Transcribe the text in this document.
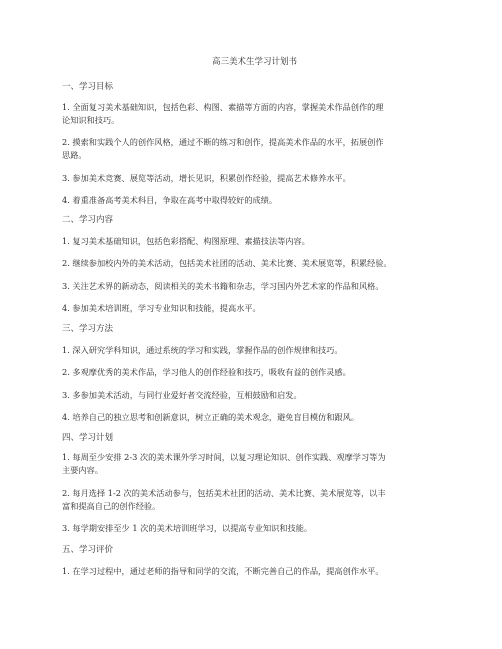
高三美术生学习计划书
一、学习目标
1. 全面复习美术基础知识，包括色彩、构图、素描等方面的内容，掌握美术作品创作的理
论知识和技巧。
2. 摸索和实践个人的创作风格，通过不断的练习和创作，提高美术作品的水平，拓展创作
思路。
3. 参加美术竞赛、展览等活动，增长见识，积累创作经验，提高艺术修养水平。
4. 着重准备高考美术科目，争取在高考中取得较好的成绩。
二、学习内容
1. 复习美术基础知识，包括色彩搭配、构图原理、素描技法等内容。
2. 继续参加校内外的美术活动，包括美术社团的活动、美术比赛、美术展览等，积累经验。
3. 关注艺术界的新动态，阅读相关的美术书籍和杂志，学习国内外艺术家的作品和风格。
4. 参加美术培训班，学习专业知识和技能，提高水平。
三、学习方法
1. 深入研究学科知识，通过系统的学习和实践，掌握作品的创作规律和技巧。
2. 多观摩优秀的美术作品，学习他人的创作经验和技巧，吸收有益的创作灵感。
3. 多参加美术活动，与同行业爱好者交流经验，互相鼓励和启发。
4. 培养自己的独立思考和创新意识，树立正确的美术观念，避免盲目模仿和跟风。
四、学习计划
1. 每周至少安排 2-3 次的美术课外学习时间，以复习理论知识、创作实践、观摩学习等为
主要内容。
2. 每月选择 1-2 次的美术活动参与，包括美术社团的活动、美术比赛、美术展览等，以丰
富和提高自己的创作经验。
3. 每学期安排至少 1 次的美术培训班学习，以提高专业知识和技能。
五、学习评价
1. 在学习过程中，通过老师的指导和同学的交流，不断完善自己的作品，提高创作水平。
